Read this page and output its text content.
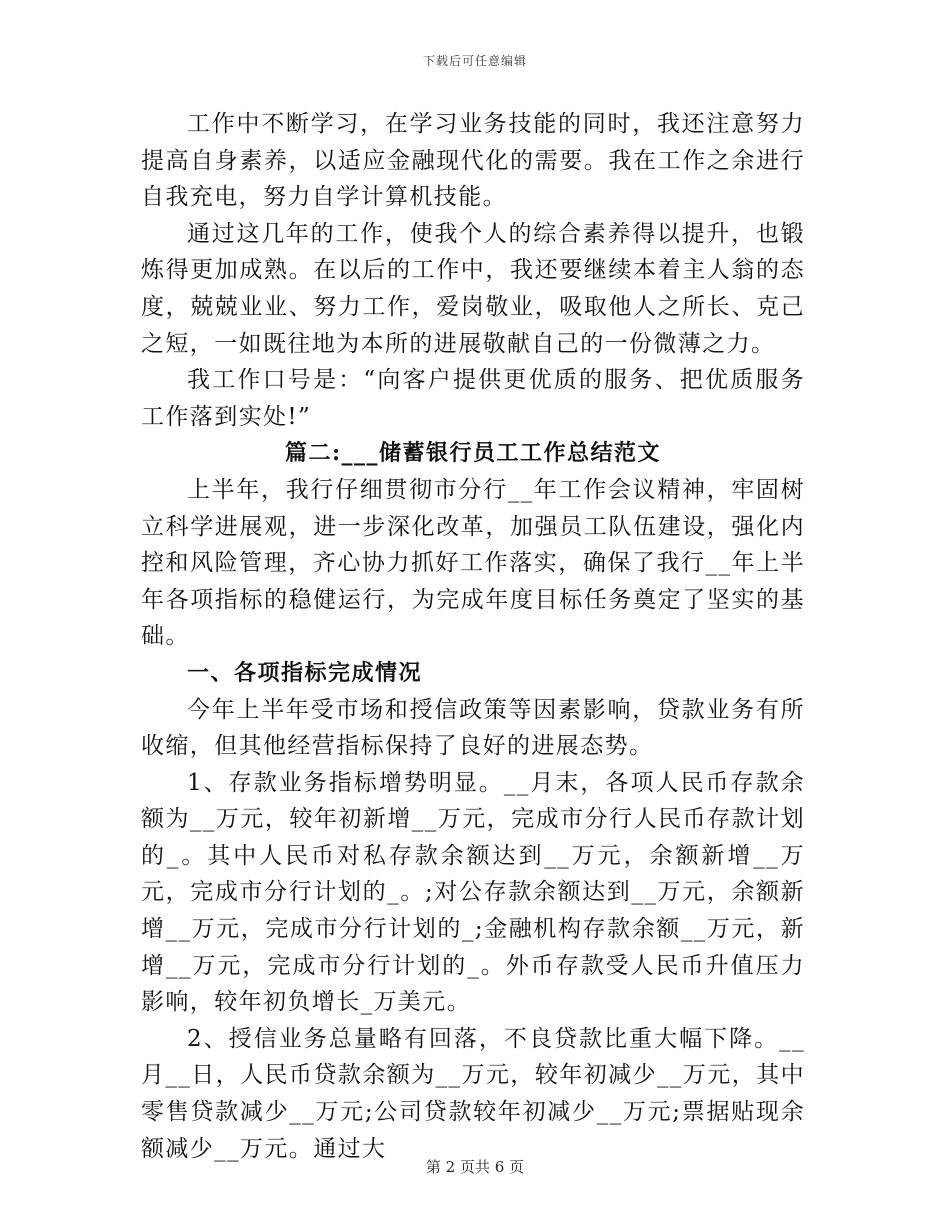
下载后可任意编辑

工作中不断学习，在学习业务技能的同时，我还注意努力提高自身素养，以适应金融现代化的需要。我在工作之余进行自我充电，努力自学计算机技能。

通过这几年的工作，使我个人的综合素养得以提升，也锻炼得更加成熟。在以后的工作中，我还要继续本着主人翁的态度，兢兢业业、努力工作，爱岗敬业，吸取他人之所长、克己之短，一如既往地为本所的进展敬献自己的一份微薄之力。

我工作口号是：“向客户提供更优质的服务、把优质服务工作落到实处!”

篇二:___储蓄银行员工工作总结范文

上半年，我行仔细贯彻市分行__年工作会议精神，牢固树立科学进展观，进一步深化改革，加强员工队伍建设，强化内控和风险管理，齐心协力抓好工作落实，确保了我行__年上半年各项指标的稳健运行，为完成年度目标任务奠定了坚实的基础。

一、各项指标完成情况

今年上半年受市场和授信政策等因素影响，贷款业务有所收缩，但其他经营指标保持了良好的进展态势。

1、存款业务指标增势明显。__月末，各项人民币存款余额为__万元，较年初新增__万元，完成市分行人民币存款计划的_。其中人民币对私存款余额达到__万元，余额新增__万元，完成市分行计划的_。;对公存款余额达到__万元，余额新增__万元，完成市分行计划的_;金融机构存款余额__万元，新增__万元，完成市分行计划的_。外币存款受人民币升值压力影响，较年初负增长_万美元。

2、授信业务总量略有回落，不良贷款比重大幅下降。__月__日，人民币贷款余额为__万元，较年初减少__万元，其中零售贷款减少__万元;公司贷款较年初减少__万元;票据贴现余额减少__万元。通过大

第 2 页共 6 页
